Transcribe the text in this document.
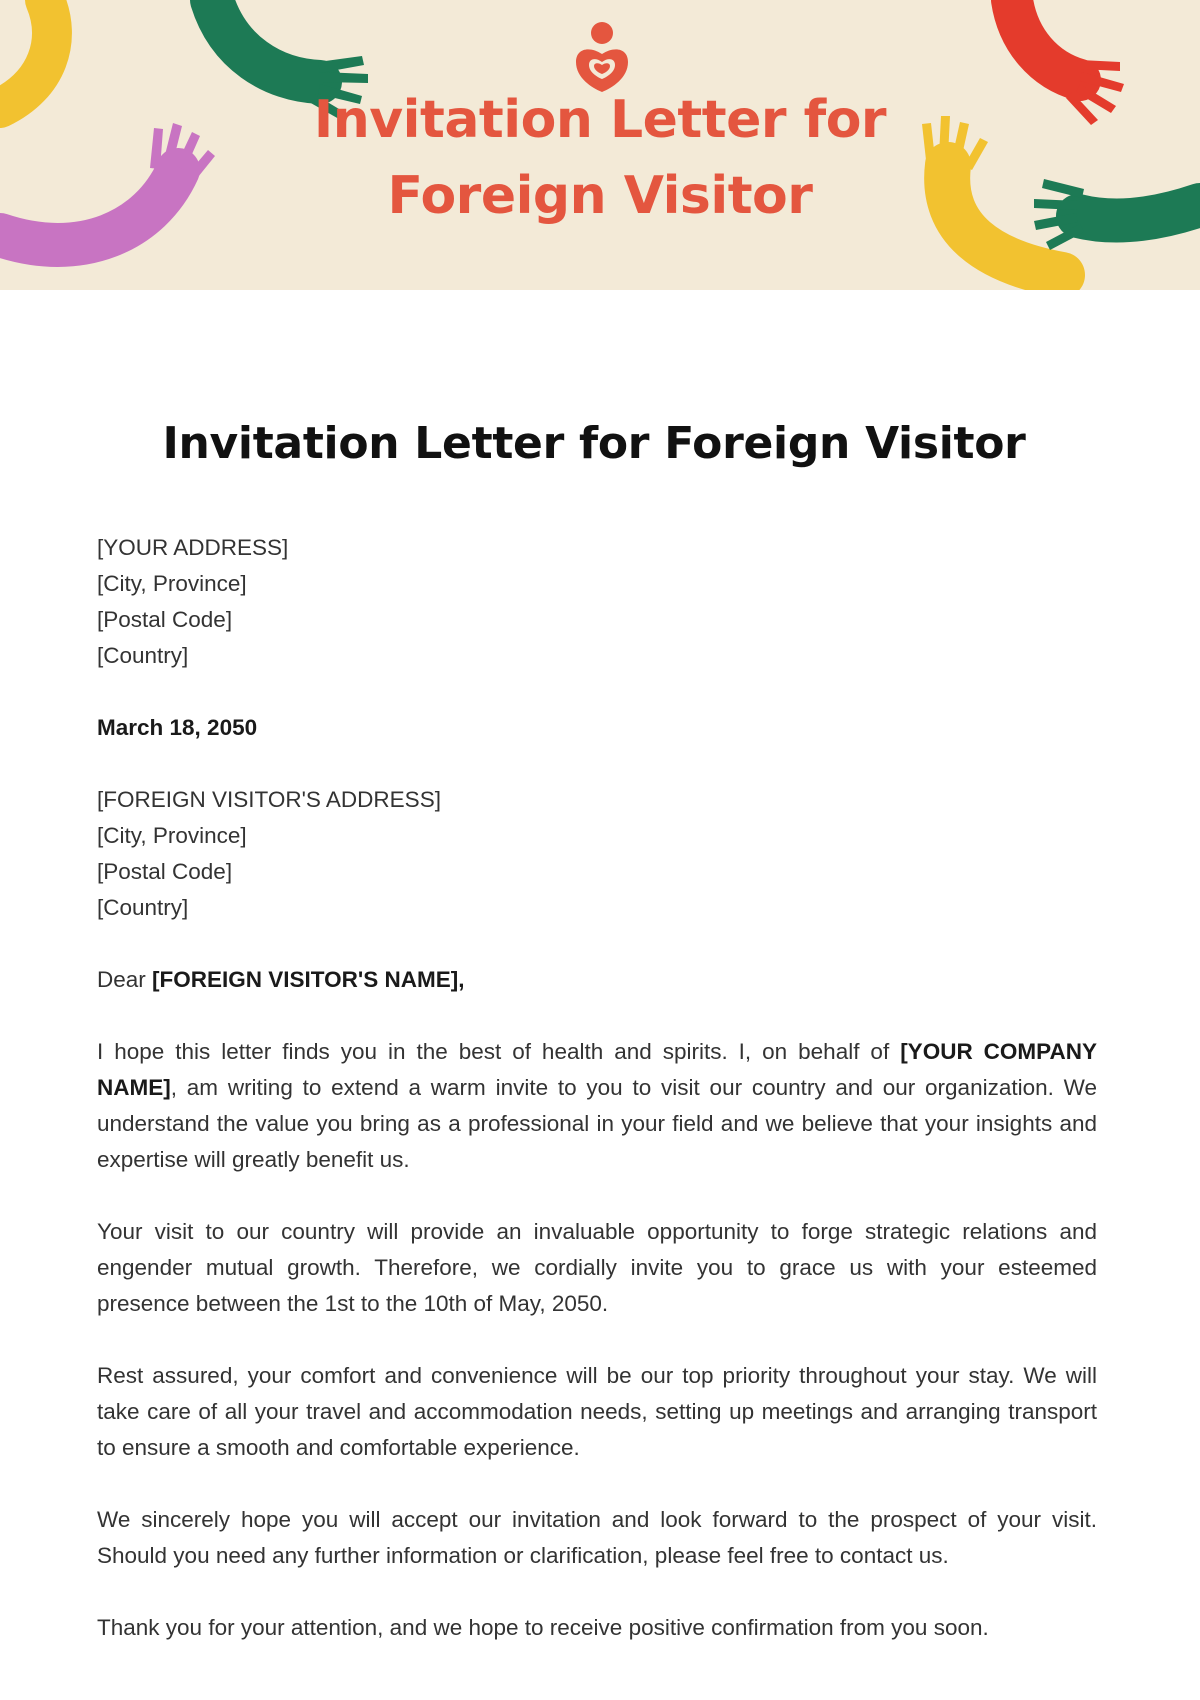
Invitation Letter for Foreign Visitor
Invitation Letter for Foreign Visitor

[YOUR ADDRESS]

[City, Province]

[Postal Code]

[Country]

March 18, 2050

[FOREIGN VISITOR'S ADDRESS]

[City, Province]

[Postal Code]

[Country]

Dear [FOREIGN VISITOR'S NAME],

I hope this letter finds you in the best of health and spirits. I, on behalf of [YOUR COMPANY NAME], am writing to extend a warm invite to you to visit our country and our organization. We understand the value you bring as a professional in your field and we believe that your insights and expertise will greatly benefit us.

Your visit to our country will provide an invaluable opportunity to forge strategic relations and engender mutual growth. Therefore, we cordially invite you to grace us with your esteemed presence between the 1st to the 10th of May, 2050.

Rest assured, your comfort and convenience will be our top priority throughout your stay. We will take care of all your travel and accommodation needs, setting up meetings and arranging transport to ensure a smooth and comfortable experience.

We sincerely hope you will accept our invitation and look forward to the prospect of your visit. Should you need any further information or clarification, please feel free to contact us.

Thank you for your attention, and we hope to receive positive confirmation from you soon.
